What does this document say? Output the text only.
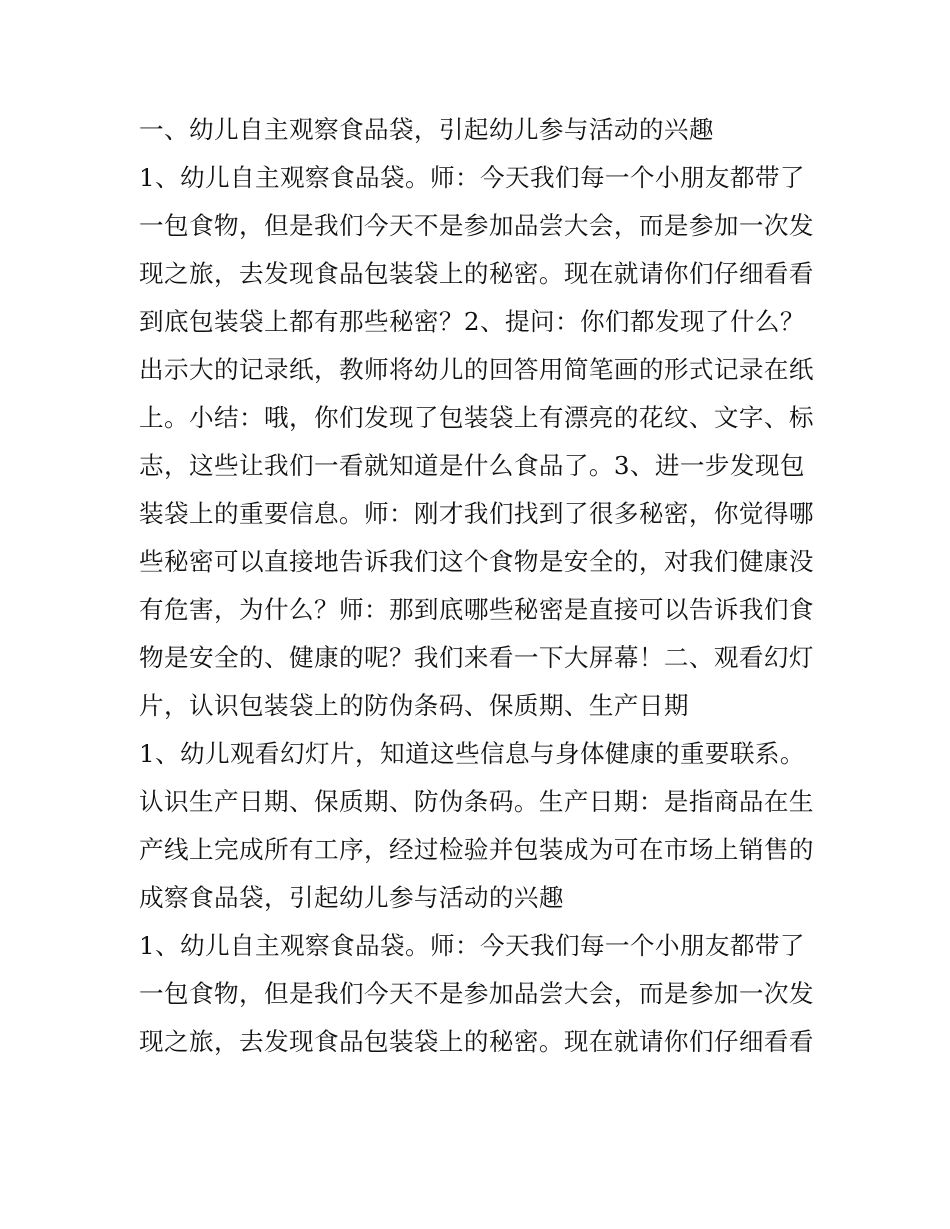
一、幼儿自主观察食品袋，引起幼儿参与活动的兴趣
1、幼儿自主观察食品袋。师：今天我们每一个小朋友都带了
一包食物，但是我们今天不是参加品尝大会，而是参加一次发
现之旅，去发现食品包装袋上的秘密。现在就请你们仔细看看
到底包装袋上都有那些秘密？2、提问：你们都发现了什么？
出示大的记录纸，教师将幼儿的回答用简笔画的形式记录在纸
上。小结：哦，你们发现了包装袋上有漂亮的花纹、文字、标
志，这些让我们一看就知道是什么食品了。3、进一步发现包
装袋上的重要信息。师：刚才我们找到了很多秘密，你觉得哪
些秘密可以直接地告诉我们这个食物是安全的，对我们健康没
有危害，为什么？师：那到底哪些秘密是直接可以告诉我们食
物是安全的、健康的呢？我们来看一下大屏幕！二、观看幻灯
片，认识包装袋上的防伪条码、保质期、生产日期
1、幼儿观看幻灯片，知道这些信息与身体健康的重要联系。
认识生产日期、保质期、防伪条码。生产日期：是指商品在生
产线上完成所有工序，经过检验并包装成为可在市场上销售的
成察食品袋，引起幼儿参与活动的兴趣
1、幼儿自主观察食品袋。师：今天我们每一个小朋友都带了
一包食物，但是我们今天不是参加品尝大会，而是参加一次发
现之旅，去发现食品包装袋上的秘密。现在就请你们仔细看看
